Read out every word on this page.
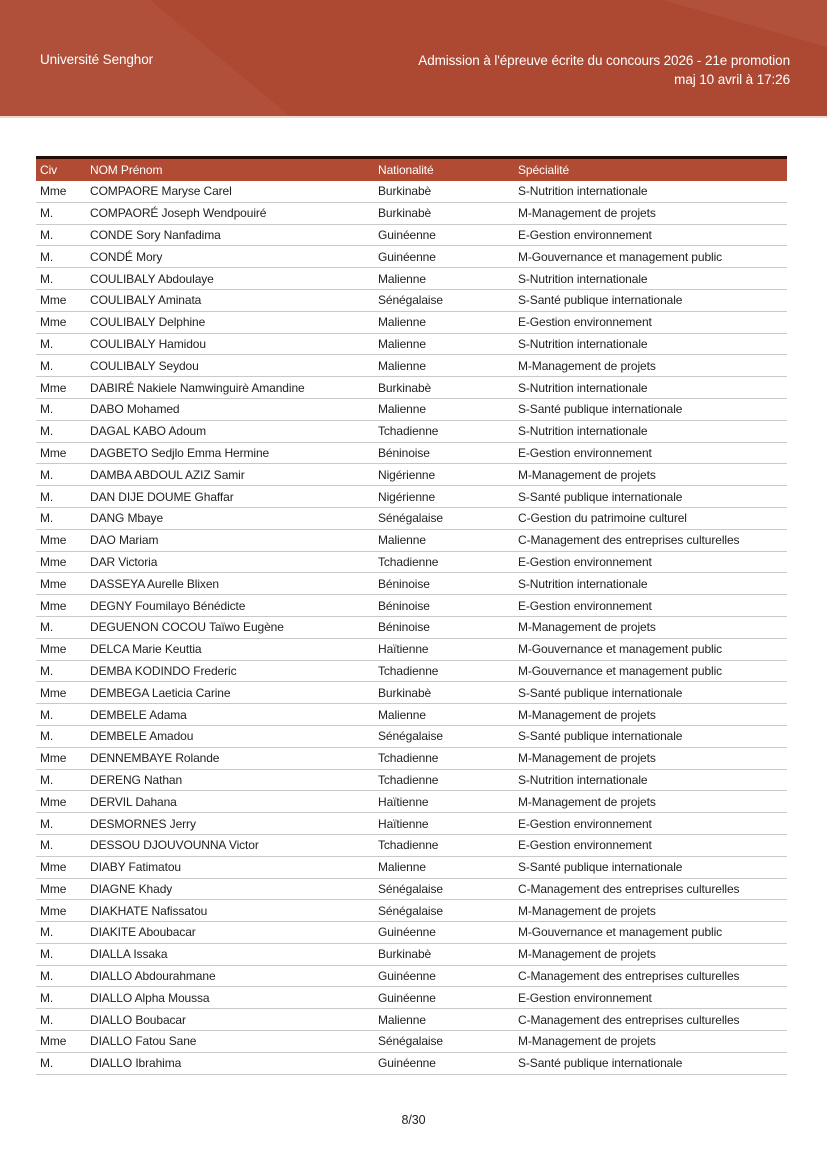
Université Senghor	Admission à l'épreuve écrite du concours 2026 - 21e promotion
maj 10 avril à 17:26
Civ	NOM Prénom	Nationalité	Spécialité
Mme	COMPAORE Maryse Carel	Burkinabè	S-Nutrition internationale
M.	COMPAORÉ Joseph Wendpouiré	Burkinabè	M-Management de projets
M.	CONDE Sory Nanfadima	Guinéenne	E-Gestion environnement
M.	CONDÉ Mory	Guinéenne	M-Gouvernance et management public
M.	COULIBALY Abdoulaye	Malienne	S-Nutrition internationale
Mme	COULIBALY Aminata	Sénégalaise	S-Santé publique internationale
Mme	COULIBALY Delphine	Malienne	E-Gestion environnement
M.	COULIBALY Hamidou	Malienne	S-Nutrition internationale
M.	COULIBALY Seydou	Malienne	M-Management de projets
Mme	DABIRÉ Nakiele Namwinguirè Amandine	Burkinabè	S-Nutrition internationale
M.	DABO Mohamed	Malienne	S-Santé publique internationale
M.	DAGAL KABO Adoum	Tchadienne	S-Nutrition internationale
Mme	DAGBETO Sedjlo Emma Hermine	Béninoise	E-Gestion environnement
M.	DAMBA ABDOUL AZIZ Samir	Nigérienne	M-Management de projets
M.	DAN DIJE DOUME Ghaffar	Nigérienne	S-Santé publique internationale
M.	DANG Mbaye	Sénégalaise	C-Gestion du patrimoine culturel
Mme	DAO Mariam	Malienne	C-Management des entreprises culturelles
Mme	DAR Victoria	Tchadienne	E-Gestion environnement
Mme	DASSEYA Aurelle Blixen	Béninoise	S-Nutrition internationale
Mme	DEGNY Foumilayo Bénédicte	Béninoise	E-Gestion environnement
M.	DEGUENON COCOU Taïwo Eugène	Béninoise	M-Management de projets
Mme	DELCA Marie Keuttia	Haïtienne	M-Gouvernance et management public
M.	DEMBA KODINDO Frederic	Tchadienne	M-Gouvernance et management public
Mme	DEMBEGA Laeticia Carine	Burkinabè	S-Santé publique internationale
M.	DEMBELE Adama	Malienne	M-Management de projets
M.	DEMBELE Amadou	Sénégalaise	S-Santé publique internationale
Mme	DENNEMBAYE Rolande	Tchadienne	M-Management de projets
M.	DERENG Nathan	Tchadienne	S-Nutrition internationale
Mme	DERVIL Dahana	Haïtienne	M-Management de projets
M.	DESMORNES Jerry	Haïtienne	E-Gestion environnement
M.	DESSOU DJOUVOUNNA Victor	Tchadienne	E-Gestion environnement
Mme	DIABY Fatimatou	Malienne	S-Santé publique internationale
Mme	DIAGNE Khady	Sénégalaise	C-Management des entreprises culturelles
Mme	DIAKHATE Nafissatou	Sénégalaise	M-Management de projets
M.	DIAKITE Aboubacar	Guinéenne	M-Gouvernance et management public
M.	DIALLA Issaka	Burkinabè	M-Management de projets
M.	DIALLO Abdourahmane	Guinéenne	C-Management des entreprises culturelles
M.	DIALLO Alpha Moussa	Guinéenne	E-Gestion environnement
M.	DIALLO Boubacar	Malienne	C-Management des entreprises culturelles
Mme	DIALLO Fatou Sane	Sénégalaise	M-Management de projets
M.	DIALLO Ibrahima	Guinéenne	S-Santé publique internationale
8/30
